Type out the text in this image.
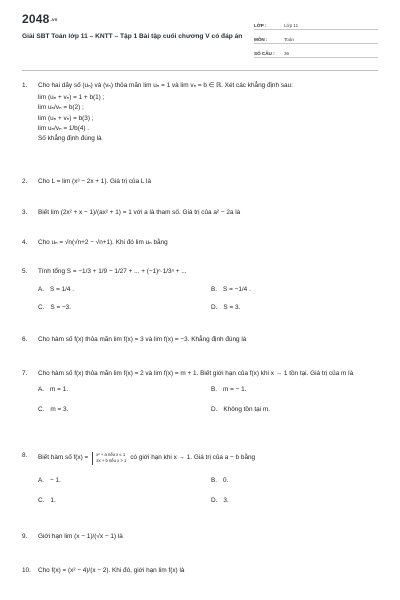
2048.vn
Giải SBT Toán lớp 11 – KNTT – Tập 1 Bài tập cuối chương V có đáp án
LỚP :	Lớp 11
MÔN :	Toán
SỐ CÂU :	36
1.	Cho hai dãy số (uₙ) và (vₙ) thỏa mãn lim uₙ = 1 và lim vₙ = b ∈ ℝ. Xét các khẳng định sau:
lim (uₙ + vₙ) = 1 + b(1) ;
lim uₙ/vₙ = b(2) ;
lim (uₙ + vₙ) = b(3) ;
lim uₙ/vₙ = 1/b(4) .
Số khẳng định đúng là
2.	Cho L = lim (x³ − 2x + 1). Giá trị của L là
3.	Biết lim (2x² + x − 1)/(ax² + 1) = 1 với a là tham số. Giá trị của a² − 2a là
4.	Cho uₙ = √n(√n+2 − √n+1). Khi đó lim uₙ bằng
5.	Tính tổng S = −1/3 + 1/9 − 1/27 + ... + (−1)ⁿ·1/3ⁿ + ...
A. S = 1/4 .	B. S = −1/4 .
C. S = −3.	D. S = 3.
6.	Cho hàm số f(x) thỏa mãn lim f(x) = 3 và lim f(x) = −3. Khẳng định đúng là
7.	Cho hàm số f(x) thỏa mãn lim f(x) = 2 và lim f(x) = m + 1. Biết giới hạn của f(x) khi x → 1 tồn tại. Giá trị của m là
A. m = 1.	B. m = − 1.
C. m = 3.	D. Không tồn tại m.
8.	Biết hàm số f(x) = x² + a nếu x ≤ 1
2x + b nếu x > 1 có giới hạn khi x → 1. Giá trị của a − b bằng
A. − 1.	B. 0.
C. 1.	D. 3.
9.	Giới hạn lim (x − 1)/(√x − 1) là
10.	Cho f(x) = (x² − 4)/(x − 2). Khi đó, giới hạn lim f(x) là
